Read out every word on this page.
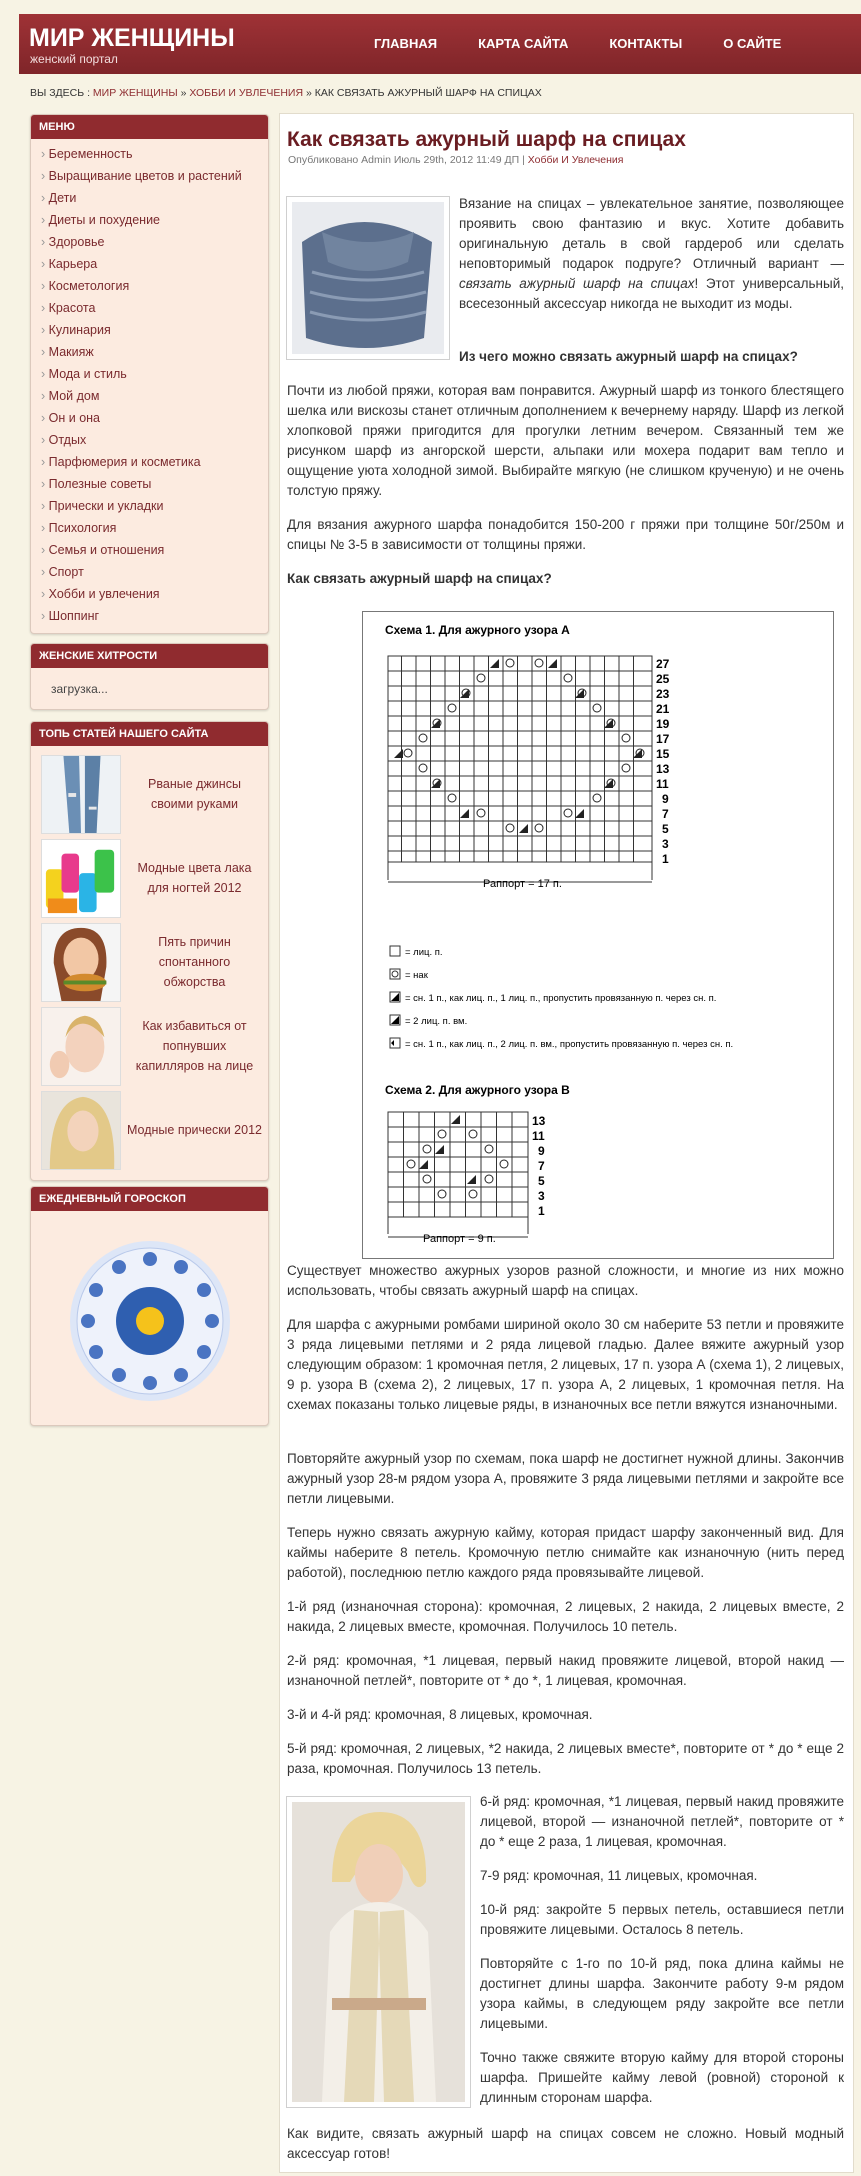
МИР ЖЕНЩИНЫ
женский портал
ГЛАВНАЯ	КАРТА САЙТА	КОНТАКТЫ	О САЙТЕ
ВЫ ЗДЕСЬ : МИР ЖЕНЩИНЫ » ХОББИ И УВЛЕЧЕНИЯ » КАК СВЯЗАТЬ АЖУРНЫЙ ШАРФ НА СПИЦАХ
МЕНЮ
› Беременность
› Выращивание цветов и растений
› Дети
› Диеты и похудение
› Здоровье
› Карьера
› Косметология
› Красота
› Кулинария
› Макияж
› Мода и стиль
› Мой дом
› Он и она
› Отдых
› Парфюмерия и косметика
› Полезные советы
› Прически и укладки
› Психология
› Семья и отношения
› Спорт
› Хобби и увлечения
› Шоппинг
ЖЕНСКИЕ ХИТРОСТИ
загрузка...
ТОПЬ СТАТЕЙ НАШЕГО САЙТА
Рваные джинсы своими руками
Модные цвета лака для ногтей 2012
Пять причин спонтанного обжорства
Как избавиться от попнувших капилляров на лице
Модные прически 2012
ЕЖЕДНЕВНЫЙ ГОРОСКОП
Как связать ажурный шарф на спицах
Опубликовано Admin Июль 29th, 2012 11:49 ДП | Хобби И Увлечения
Вязание на спицах – увлекательное занятие, позволяющее проявить свою фантазию и вкус. Хотите добавить оригинальную деталь в свой гардероб или сделать неповторимый подарок подруге? Отличный вариант — связать ажурный шарф на спицах! Этот универсальный, всесезонный аксессуар никогда не выходит из моды.
Из чего можно связать ажурный шарф на спицах?
Почти из любой пряжи, которая вам понравится. Ажурный шарф из тонкого блестящего шелка или вискозы станет отличным дополнением к вечернему наряду. Шарф из легкой хлопковой пряжи пригодится для прогулки летним вечером. Связанный тем же рисунком шарф из ангорской шерсти, альпаки или мохера подарит вам тепло и ощущение уюта холодной зимой. Выбирайте мягкую (не слишком крученую) и не очень толстую пряжу.
Для вязания ажурного шарфа понадобится 150-200 г пряжи при толщине 50г/250м и спицы № 3-5 в зависимости от толщины пряжи.
Как связать ажурный шарф на спицах?
Схема 1. Для ажурного узора А
27
25
23
21
19
17
15
13
11
9
7
5
3
1
Раппорт = 17 п.
= лиц. п.
= нак
= сн. 1 п., как лиц. п., 1 лиц. п., пропустить провязанную п. через сн. п.
= 2 лиц. п. вм.
= сн. 1 п., как лиц. п., 2 лиц. п. вм., пропустить провязанную п. через сн. п.
Схема 2. Для ажурного узора В
13
11
9
7
5
3
1
Раппорт = 9 п.
Существует множество ажурных узоров разной сложности, и многие из них можно использовать, чтобы связать ажурный шарф на спицах.
Для шарфа с ажурными ромбами шириной около 30 см наберите 53 петли и провяжите 3 ряда лицевыми петлями и 2 ряда лицевой гладью. Далее вяжите ажурный узор следующим образом: 1 кромочная петля, 2 лицевых, 17 п. узора А (схема 1), 2 лицевых, 9 р. узора В (схема 2), 2 лицевых, 17 п. узора А, 2 лицевых, 1 кромочная петля. На схемах показаны только лицевые ряды, в изнаночных все петли вяжутся изнаночными.
Повторяйте ажурный узор по схемам, пока шарф не достигнет нужной длины. Закончив ажурный узор 28-м рядом узора А, провяжите 3 ряда лицевыми петлями и закройте все петли лицевыми.
Теперь нужно связать ажурную кайму, которая придаст шарфу законченный вид. Для каймы наберите 8 петель. Кромочную петлю снимайте как изнаночную (нить перед работой), последнюю петлю каждого ряда провязывайте лицевой.
1-й ряд (изнаночная сторона): кромочная, 2 лицевых, 2 накида, 2 лицевых вместе, 2 накида, 2 лицевых вместе, кромочная. Получилось 10 петель.
2-й ряд: кромочная, *1 лицевая, первый накид провяжите лицевой, второй накид — изнаночной петлей*, повторите от * до *, 1 лицевая, кромочная.
3-й и 4-й ряд: кромочная, 8 лицевых, кромочная.
5-й ряд: кромочная, 2 лицевых, *2 накида, 2 лицевых вместе*, повторите от * до * еще 2 раза, кромочная. Получилось 13 петель.
6-й ряд: кромочная, *1 лицевая, первый накид провяжите лицевой, второй — изнаночной петлей*, повторите от * до * еще 2 раза, 1 лицевая, кромочная.
7-9 ряд: кромочная, 11 лицевых, кромочная.
10-й ряд: закройте 5 первых петель, оставшиеся петли провяжите лицевыми. Осталось 8 петель.
Повторяйте с 1-го по 10-й ряд, пока длина каймы не достигнет длины шарфа. Закончите работу 9-м рядом узора каймы, в следующем ряду закройте все петли лицевыми.
Точно также свяжите вторую кайму для второй стороны шарфа. Пришейте кайму левой (ровной) стороной к длинным сторонам шарфа.
Как видите, связать ажурный шарф на спицах совсем не сложно. Новый модный аксессуар готов!
